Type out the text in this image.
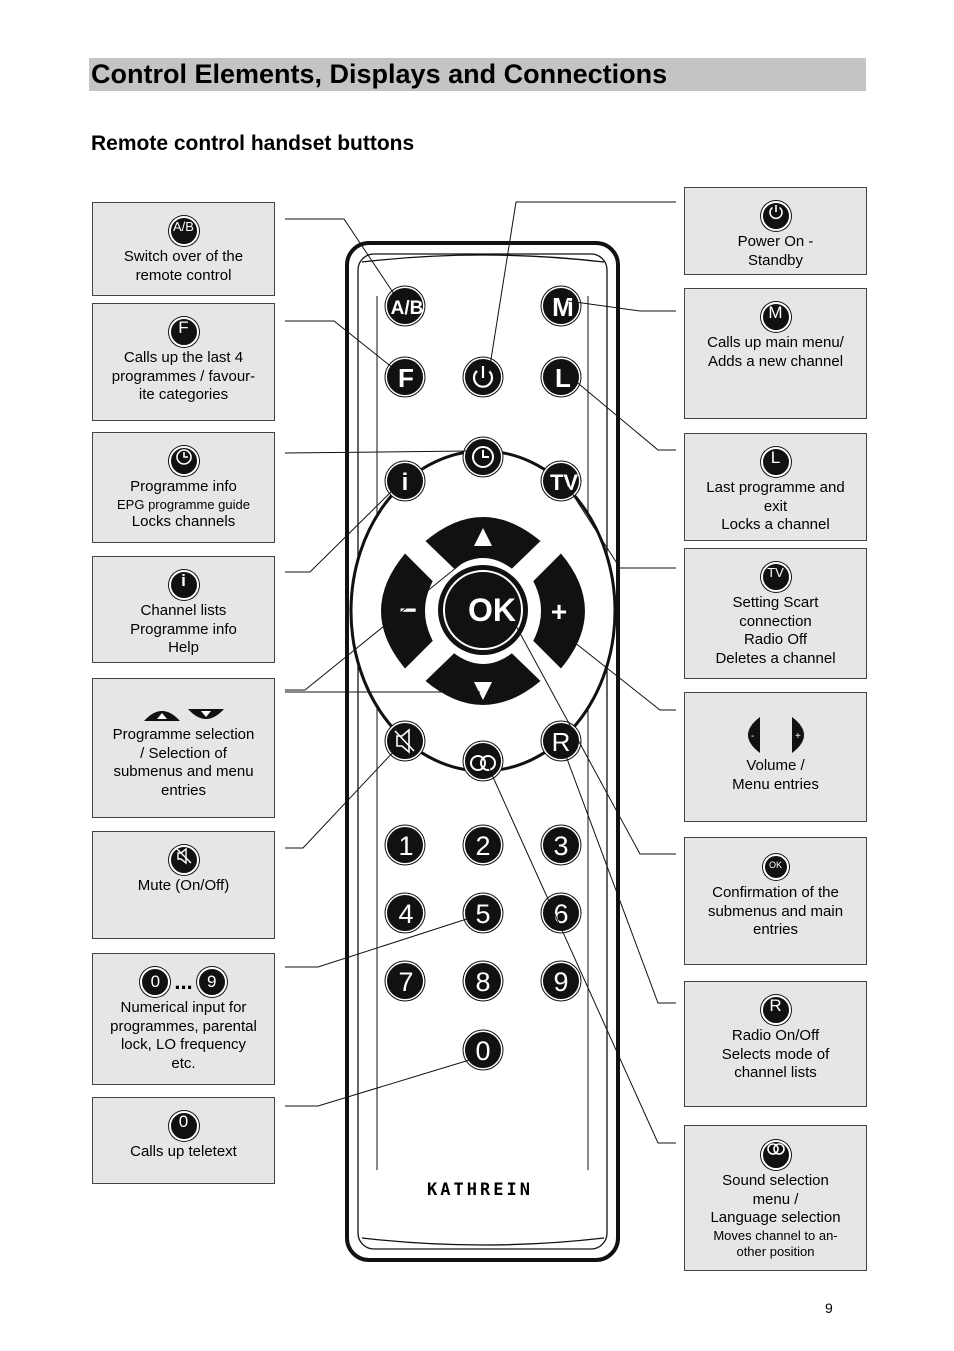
Control Elements, Displays and Connections
Remote control handset buttons
A/B
Switch over of the
remote control
F
Calls up the last 4
programmes / favour-
ite categories
Programme info
EPG programme guide
Locks channels
i
Channel lists
Programme info
Help
Programme selection
/ Selection of
submenus and menu
entries
Mute (On/Off)
0 ... 9
Numerical input for
programmes, parental
lock, LO frequency
etc.
0
Calls up teletext
Power On -
Standby
M
Calls up main menu/
Adds a new channel
L
Last programme and
exit
Locks a channel
TV
Setting Scart
connection
Radio Off
Deletes a channel
-	+
Volume /
Menu entries
OK
Confirmation of the
submenus and main
entries
R
Radio On/Off
Selects mode of
channel lists
Sound selection
menu /
Language selection
Moves channel to an-
other position
−	+
OK
A/B	M
F	L
i	TV
R
1 2 3
4 5 6
7 8 9
0
KATHREIN
9
